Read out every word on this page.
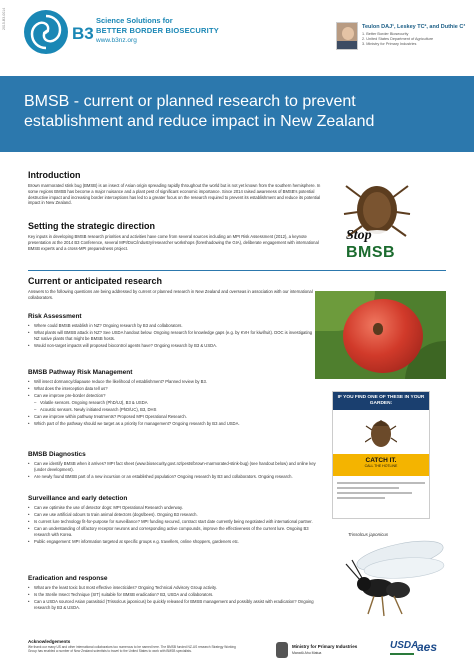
2015-B3-0014
B3
Science Solutions for
BETTER BORDER BIOSECURITY
www.b3nz.org
Teulon DAJ¹, Leskey TC², and Duthie C³
1. Better Border Biosecurity
2. United States Department of Agriculture
3. Ministry for Primary Industries
BMSB - current or planned research to prevent establishment and reduce impact in New Zealand
Introduction

Brown marmorated stink bug (BMSB) is an insect of Asian origin spreading rapidly throughout the world but is not yet known from the southern hemisphere. In some regions BMSB has become a major nuisance and a plant pest of significant economic importance. Since 2014 raised awareness of BMSB's potential destructive impact and increasing border interceptions has led to a greater focus on the research required to prevent its establishment and reduce its potential impact in New Zealand.

Setting the strategic direction

Key inputs in developing BMSB research priorities and activities have come from several sources including an MPI Risk Assessment (2012), a keynote presentation at the 2014 B3 Conference, several MPI/DoC/industry/researcher workshops (foreshadowing the GIA), deliberate engagement with international BMSB experts and a cross-MPI preparedness project.

Stop
BMSB
Current or anticipated research

Answers to the following questions are being addressed by current or planned research in New Zealand and overseas in association with our international collaborators.

Risk Assessment
• Where could BMSB establish in NZ? Ongoing research by B3 and collaborators.
• What plants will BMSB attack in NZ? See USDA handout below. Ongoing research for knowledge gaps (e.g. by KVH for kiwifruit). DOC is investigating NZ native plants that might be BMSB hosts.
• Would non-target impacts will proposed biocontrol agents have? Ongoing research by B3 & USDA.
BMSB Pathway Risk Management
• Will insect dormancy/diapause reduce the likelihood of establishment? Planned review by B3.
• What does the interception data tell us?
• Can we improve pre-border detection?
– Volatile sensors. Ongoing research (PhD/UJ), B3 & USDA
– Acoustic sensors. Newly initiated research (PhD/UC), B3, DHS
• Can we improve within pathway treatments? Proposed MPI Operational Research.
• Which part of the pathway should we target as a priority for management? Ongoing research by B3 and USDA.
BMSB Diagnostics
• Can we identify BMSB when it arrives? MPI fact sheet (www.biosecurity.govt.nz/pests/brown-marmorated-stink-bug) (see handout below) and online key (under development).
• Are newly found BMSB part of a new incursion or an established population? Ongoing research by B3 and collaborators. Ongoing research.
Surveillance and early detection
• Can we optimise the use of detector dogs: MPI Operational Research underway.
• Can we use artificial odours to train animal detectors (dogs/bees). Ongoing B3 research.
• Is current lure technology fit-for-purpose for surveillance? MPI funding secured, contract start date currently being negotiated with international partner.
• Can an understanding of olfactory receptor neurons and corresponding active compounds, improve the effectiveness of the current lure. Ongoing B3 research with Korea.
• Public engagement: MPI information targeted at specific groups e.g. travellers, online shoppers, gardeners etc.
Eradication and response
• What are the least toxic but most effective insecticides? Ongoing Technical Advisory Group activity.
• Is the Sterile Insect Technique (SIT) suitable for BMSB eradication? B3, USDA and collaborators.
• Can a USDA sourced Asian parasitoid (Trissolcus japonicus) be quickly released for BMSB management and possibly assist with eradication? Ongoing research by B3 & USDA.
IF YOU FIND ONE OF THESE IN YOUR GARDEN:
CATCH IT.
CALL THE HOTLINE
Trissolcus japonicus
Acknowledgements
We thank our many US and other international collaborators too numerous to be named here. The BMSB funded NZ-US research Strategy Working Group has enabled a number of New Zealand scientists to travel to the United States to work with BMSB specialists.
Ministry for Primary Industries
Manatū Ahu Matua
USDA
aes
